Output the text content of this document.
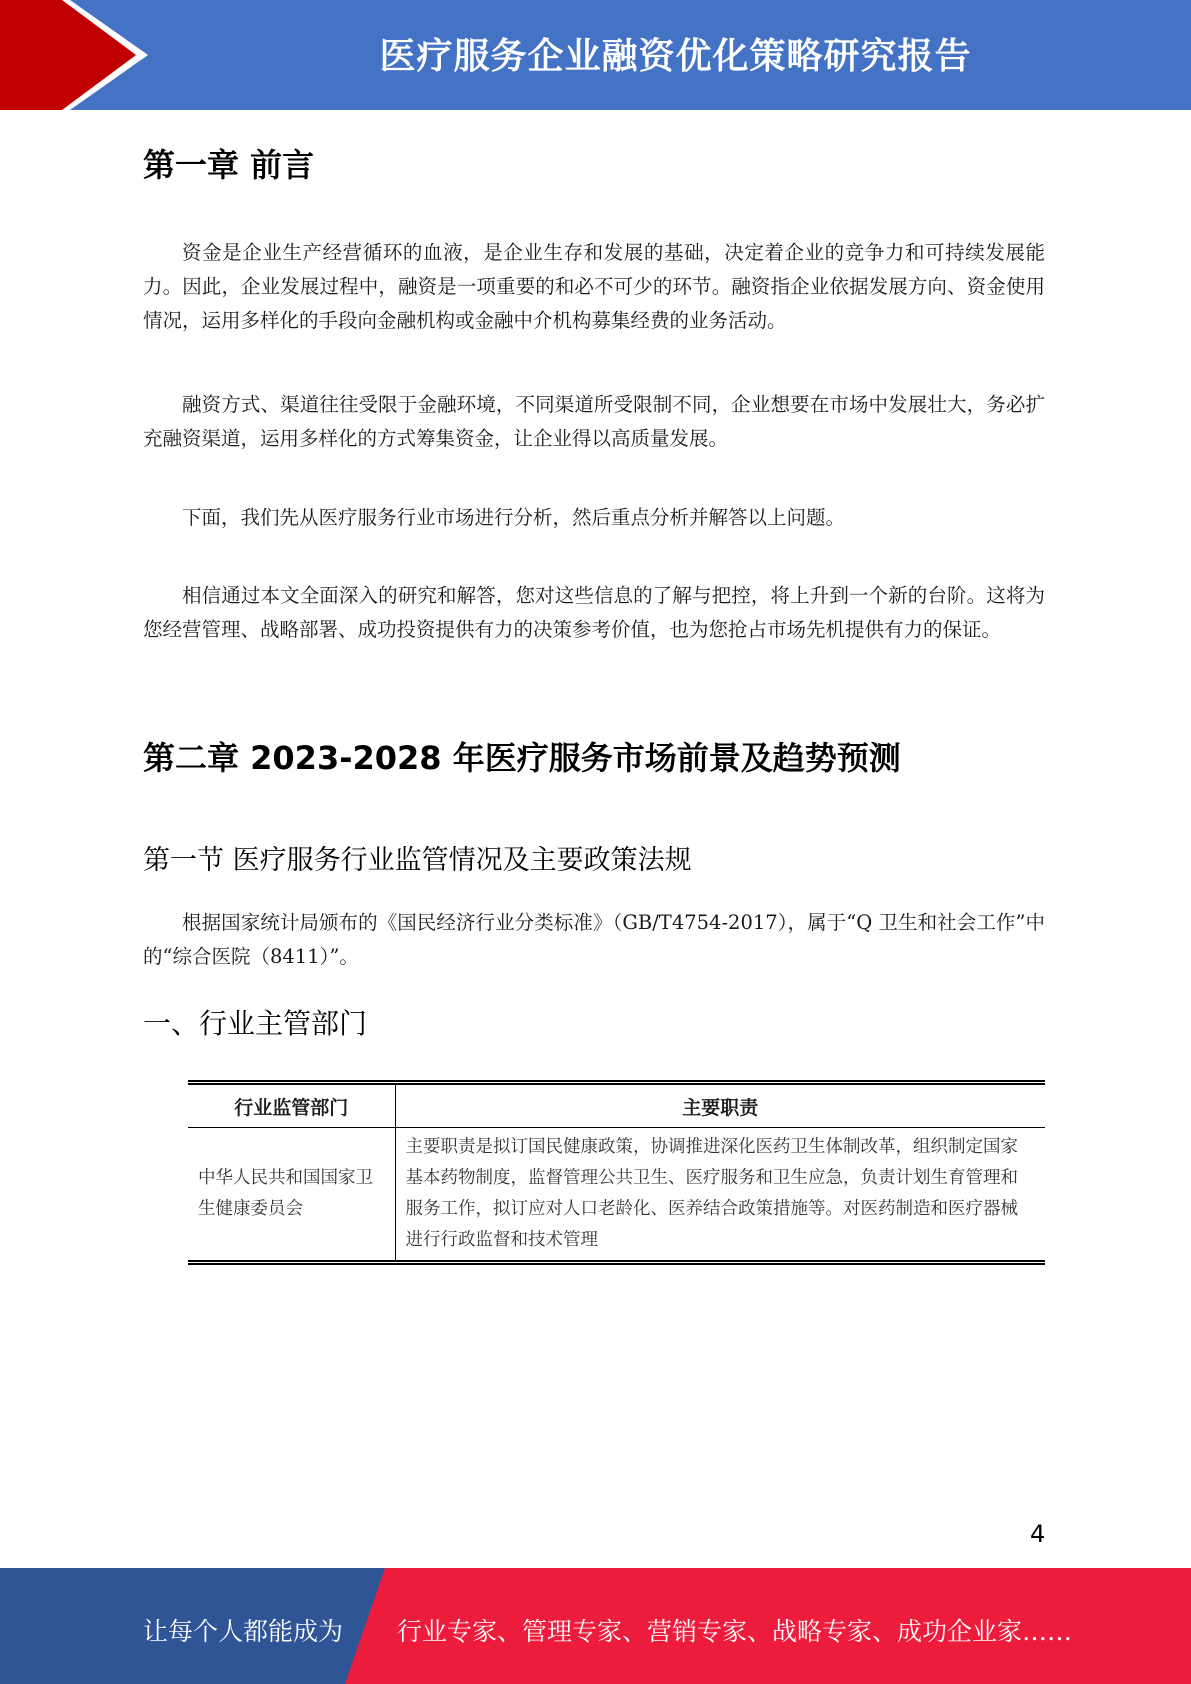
医疗服务企业融资优化策略研究报告
第一章 前言

资金是企业生产经营循环的血液，是企业生存和发展的基础，决定着企业的竞争力和可持续发展能力。因此，企业发展过程中，融资是一项重要的和必不可少的环节。融资指企业依据发展方向、资金使用情况，运用多样化的手段向金融机构或金融中介机构募集经费的业务活动。

融资方式、渠道往往受限于金融环境，不同渠道所受限制不同，企业想要在市场中发展壮大，务必扩充融资渠道，运用多样化的方式筹集资金，让企业得以高质量发展。

下面，我们先从医疗服务行业市场进行分析，然后重点分析并解答以上问题。

相信通过本文全面深入的研究和解答，您对这些信息的了解与把控，将上升到一个新的台阶。这将为您经营管理、战略部署、成功投资提供有力的决策参考价值，也为您抢占市场先机提供有力的保证。

第二章 2023-2028 年医疗服务市场前景及趋势预测
第一节 医疗服务行业监管情况及主要政策法规

根据国家统计局颁布的《国民经济行业分类标准》（GB/T4754-2017），属于“Q 卫生和社会工作”中的“综合医院（8411）”。

一、行业主管部门
行业监管部门	主要职责
中华人民共和国国家卫生健康委员会	主要职责是拟订国民健康政策，协调推进深化医药卫生体制改革，组织制定国家基本药物制度，监督管理公共卫生、医疗服务和卫生应急，负责计划生育管理和服务工作，拟订应对人口老龄化、医养结合政策措施等。对医药制造和医疗器械进行行政监督和技术管理
4
让每个人都能成为 行业专家、管理专家、营销专家、战略专家、成功企业家……
